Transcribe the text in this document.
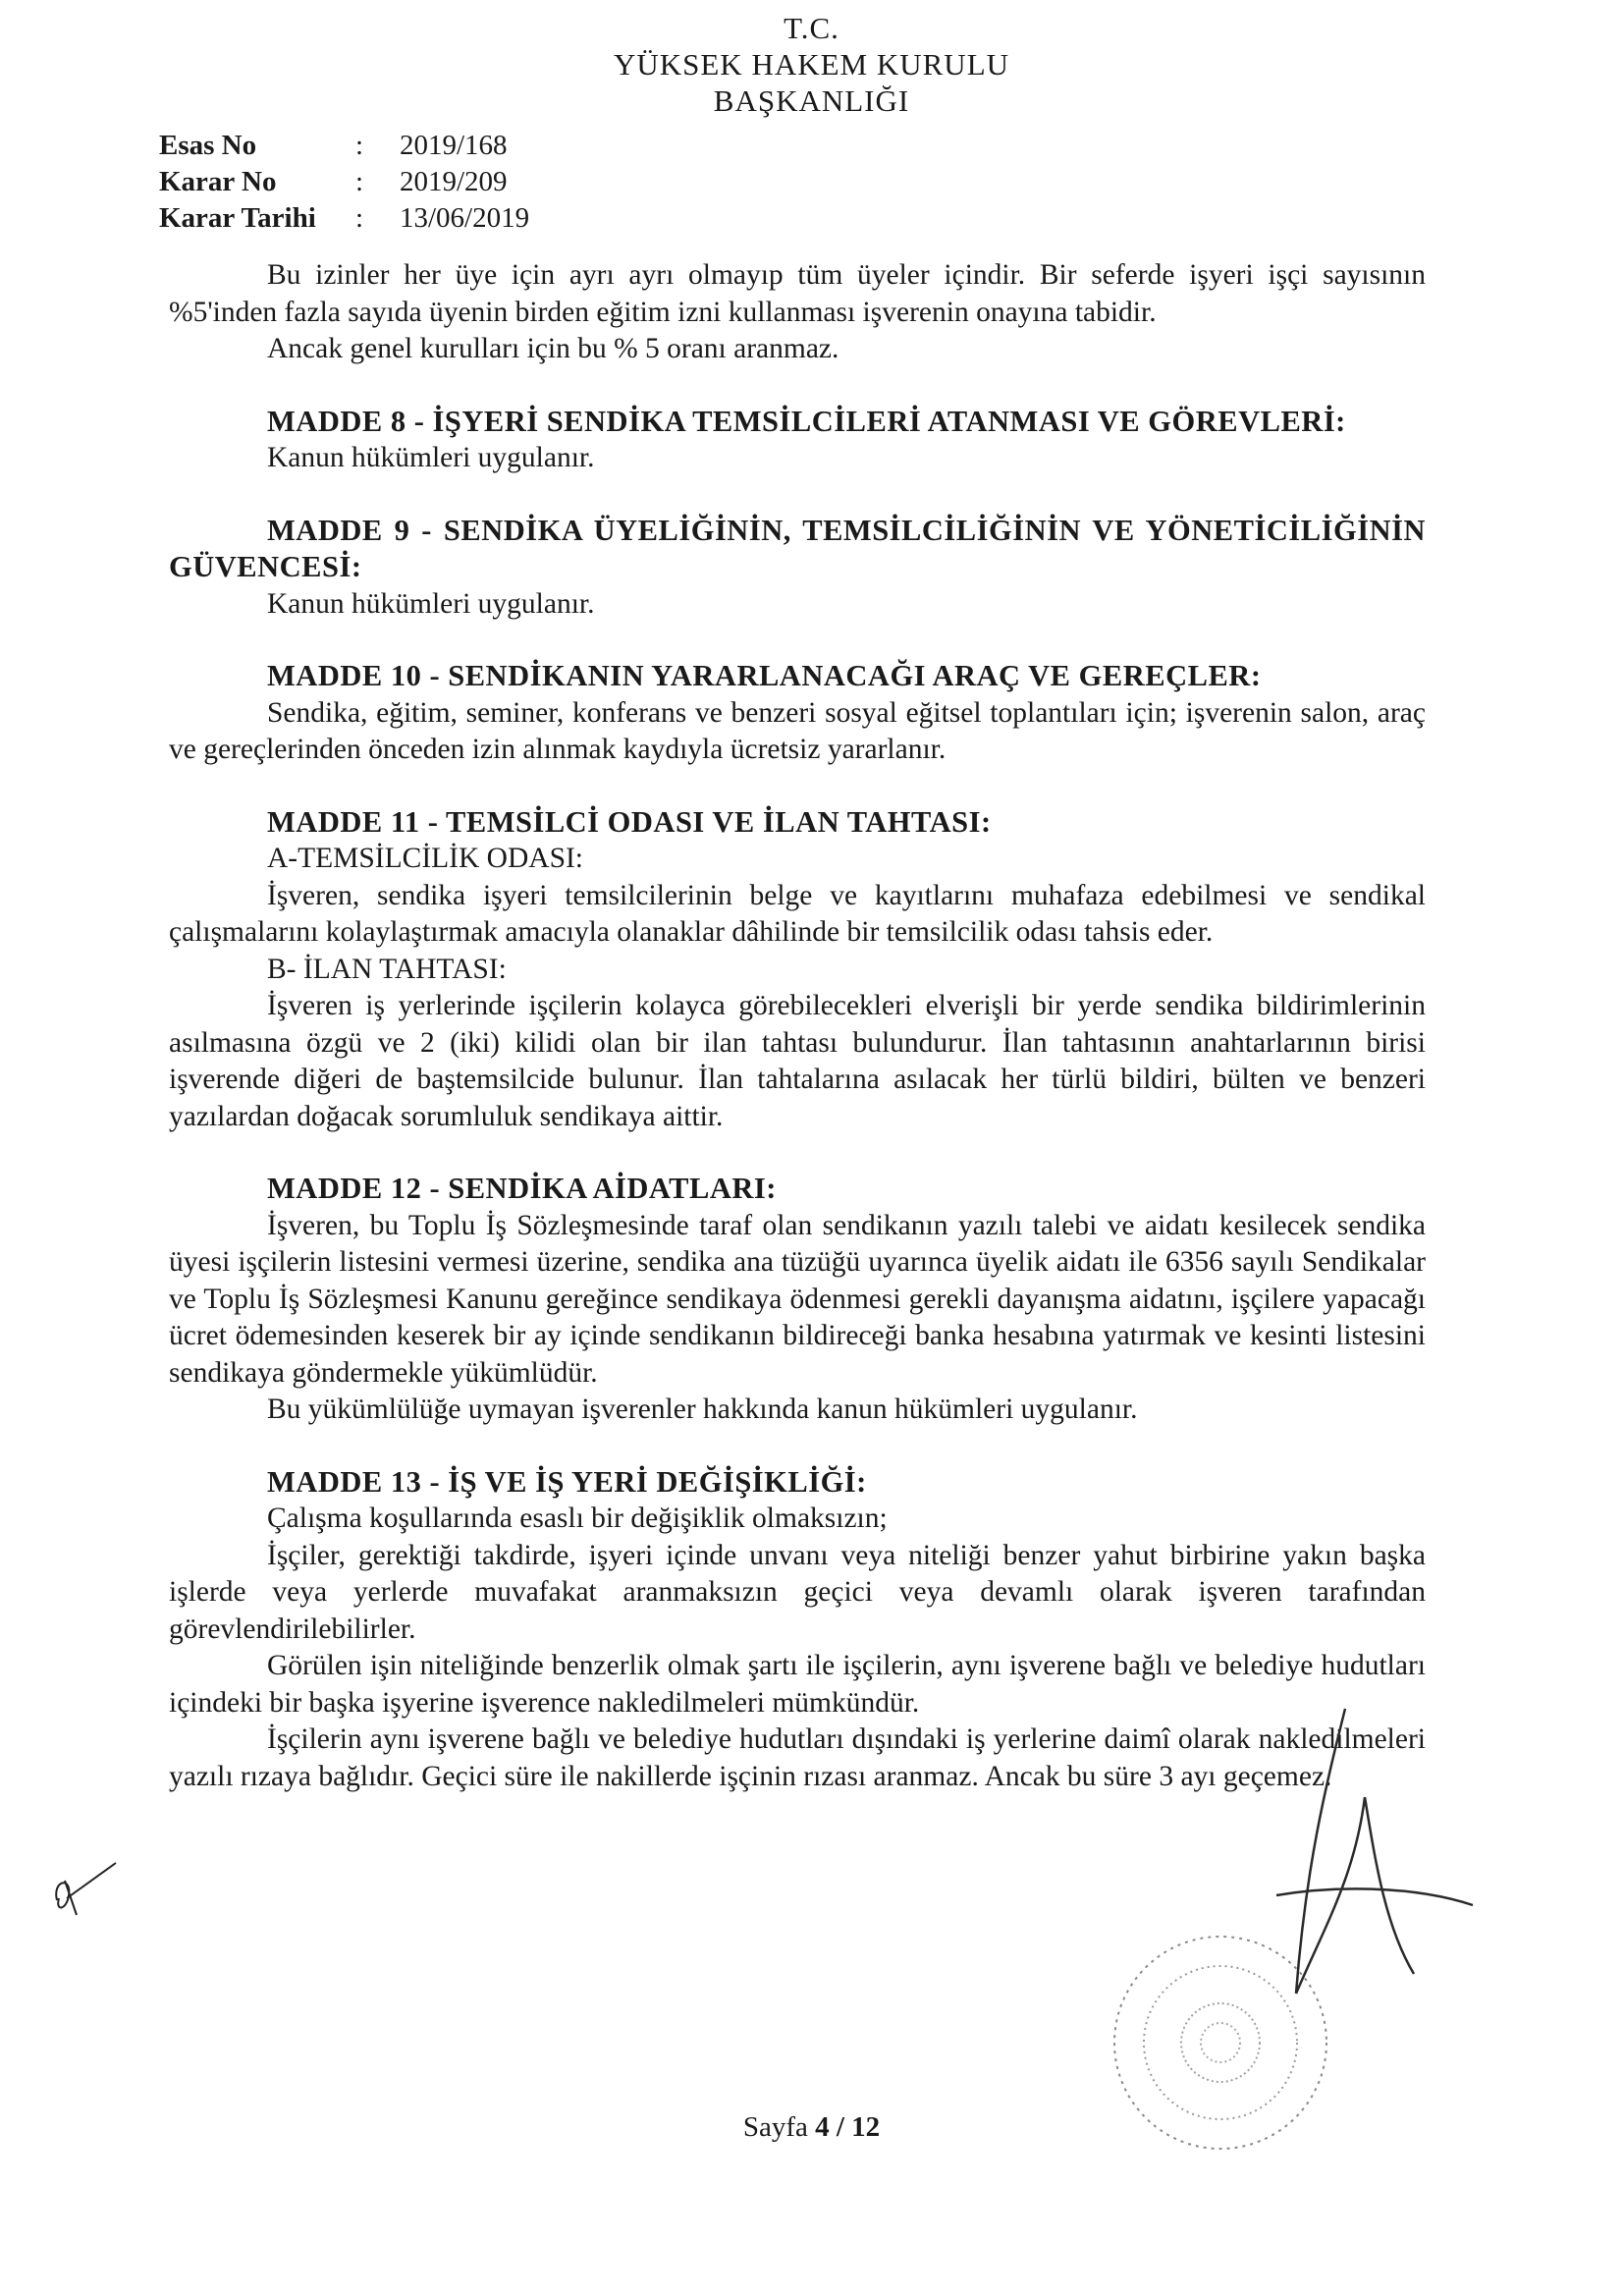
T.C.
YÜKSEK HAKEM KURULU
BAŞKANLIĞI
Esas No	:	2019/168
Karar No	:	2019/209
Karar Tarihi	:	13/06/2019

Bu izinler her üye için ayrı ayrı olmayıp tüm üyeler içindir. Bir seferde işyeri işçi sayısının %5'inden fazla sayıda üyenin birden eğitim izni kullanması işverenin onayına tabidir.

Ancak genel kurulları için bu % 5 oranı aranmaz.

MADDE 8 - İŞYERİ SENDİKA TEMSİLCİLERİ ATANMASI VE GÖREVLERİ:

Kanun hükümleri uygulanır.

MADDE 9 - SENDİKA ÜYELİĞİNİN, TEMSİLCİLİĞİNİN VE YÖNETİCİLİĞİNİN GÜVENCESİ:

Kanun hükümleri uygulanır.

MADDE 10 - SENDİKANIN YARARLANACAĞI ARAÇ VE GEREÇLER:

Sendika, eğitim, seminer, konferans ve benzeri sosyal eğitsel toplantıları için; işverenin salon, araç ve gereçlerinden önceden izin alınmak kaydıyla ücretsiz yararlanır.

MADDE 11 - TEMSİLCİ ODASI VE İLAN TAHTASI:

A-TEMSİLCİLİK ODASI:

İşveren, sendika işyeri temsilcilerinin belge ve kayıtlarını muhafaza edebilmesi ve sendikal çalışmalarını kolaylaştırmak amacıyla olanaklar dâhilinde bir temsilcilik odası tahsis eder.

B- İLAN TAHTASI:

İşveren iş yerlerinde işçilerin kolayca görebilecekleri elverişli bir yerde sendika bildirimlerinin asılmasına özgü ve 2 (iki) kilidi olan bir ilan tahtası bulundurur. İlan tahtasının anahtarlarının birisi işverende diğeri de baştemsilcide bulunur. İlan tahtalarına asılacak her türlü bildiri, bülten ve benzeri yazılardan doğacak sorumluluk sendikaya aittir.

MADDE 12 - SENDİKA AİDATLARI:

İşveren, bu Toplu İş Sözleşmesinde taraf olan sendikanın yazılı talebi ve aidatı kesilecek sendika üyesi işçilerin listesini vermesi üzerine, sendika ana tüzüğü uyarınca üyelik aidatı ile 6356 sayılı Sendikalar ve Toplu İş Sözleşmesi Kanunu gereğince sendikaya ödenmesi gerekli dayanışma aidatını, işçilere yapacağı ücret ödemesinden keserek bir ay içinde sendikanın bildireceği banka hesabına yatırmak ve kesinti listesini sendikaya göndermekle yükümlüdür.

Bu yükümlülüğe uymayan işverenler hakkında kanun hükümleri uygulanır.

MADDE 13 - İŞ VE İŞ YERİ DEĞİŞİKLİĞİ:

Çalışma koşullarında esaslı bir değişiklik olmaksızın;

İşçiler, gerektiği takdirde, işyeri içinde unvanı veya niteliği benzer yahut birbirine yakın başka işlerde veya yerlerde muvafakat aranmaksızın geçici veya devamlı olarak işveren tarafından görevlendirilebilirler.

Görülen işin niteliğinde benzerlik olmak şartı ile işçilerin, aynı işverene bağlı ve belediye hudutları içindeki bir başka işyerine işverence nakledilmeleri mümkündür.

İşçilerin aynı işverene bağlı ve belediye hudutları dışındaki iş yerlerine daimî olarak nakledilmeleri yazılı rızaya bağlıdır. Geçici süre ile nakillerde işçinin rızası aranmaz. Ancak bu süre 3 ayı geçemez.

Sayfa 4 / 12
